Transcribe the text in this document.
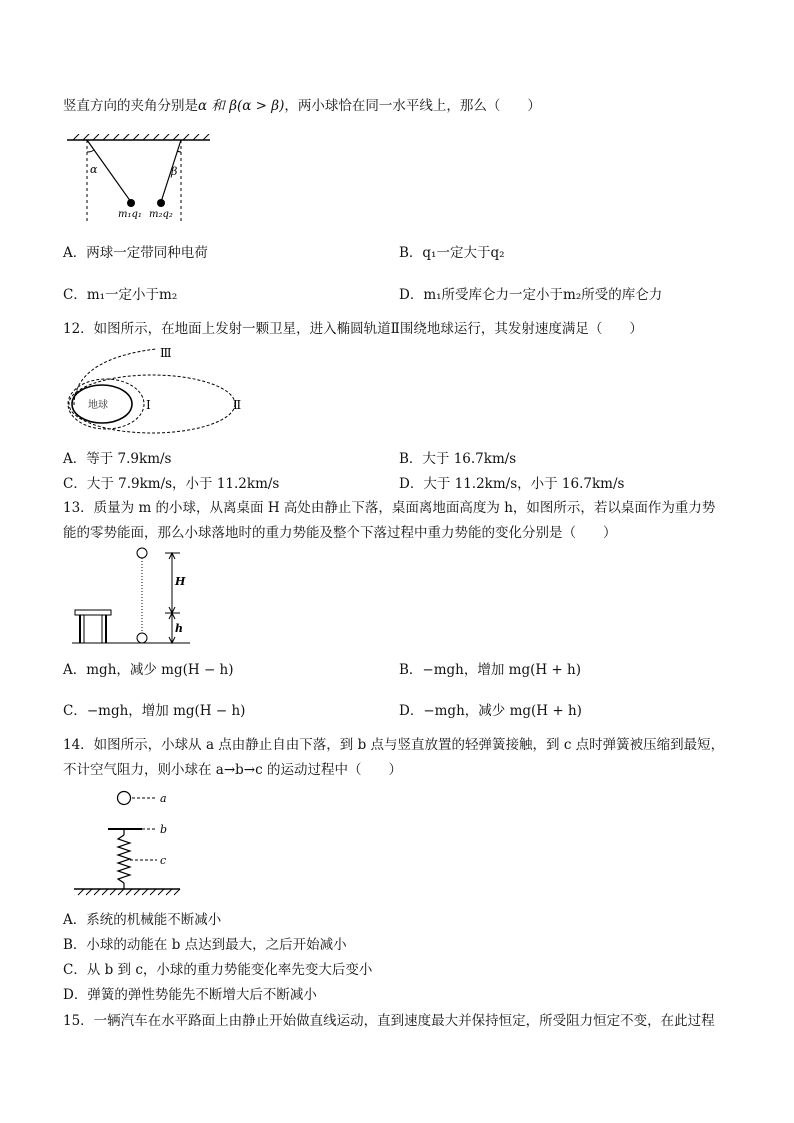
竖直方向的夹角分别是α 和 β(α > β)，两小球恰在同一水平线上，那么（　　）
α	β
m₁q₁ m₂q₂
A．两球一定带同种电荷	B．q₁一定大于q₂
C．m₁一定小于m₂	D．m₁所受库仑力一定小于m₂所受的库仑力
12．如图所示，在地面上发射一颗卫星，进入椭圆轨道Ⅱ围绕地球运行，其发射速度满足（　　）
地球	Ⅰ	Ⅱ
Ⅲ
A．等于 7.9km/s	B．大于 16.7km/s
C．大于 7.9km/s，小于 11.2km/s	D．大于 11.2km/s，小于 16.7km/s
13．质量为 m 的小球，从离桌面 H 高处由静止下落，桌面离地面高度为 h，如图所示，若以桌面作为重力势
能的零势能面，那么小球落地时的重力势能及整个下落过程中重力势能的变化分别是（　　）
H
h
A．mgh，减少 mg(H − h)	B．−mgh，增加 mg(H + h)
C．−mgh，增加 mg(H − h)	D．−mgh，减少 mg(H + h)
14．如图所示，小球从 a 点由静止自由下落，到 b 点与竖直放置的轻弹簧接触，到 c 点时弹簧被压缩到最短，
不计空气阻力，则小球在 a→b→c 的运动过程中（　　）
a
b
c
A．系统的机械能不断减小
B．小球的动能在 b 点达到最大，之后开始减小
C．从 b 到 c，小球的重力势能变化率先变大后变小
D．弹簧的弹性势能先不断增大后不断减小
15．一辆汽车在水平路面上由静止开始做直线运动，直到速度最大并保持恒定，所受阻力恒定不变，在此过程
